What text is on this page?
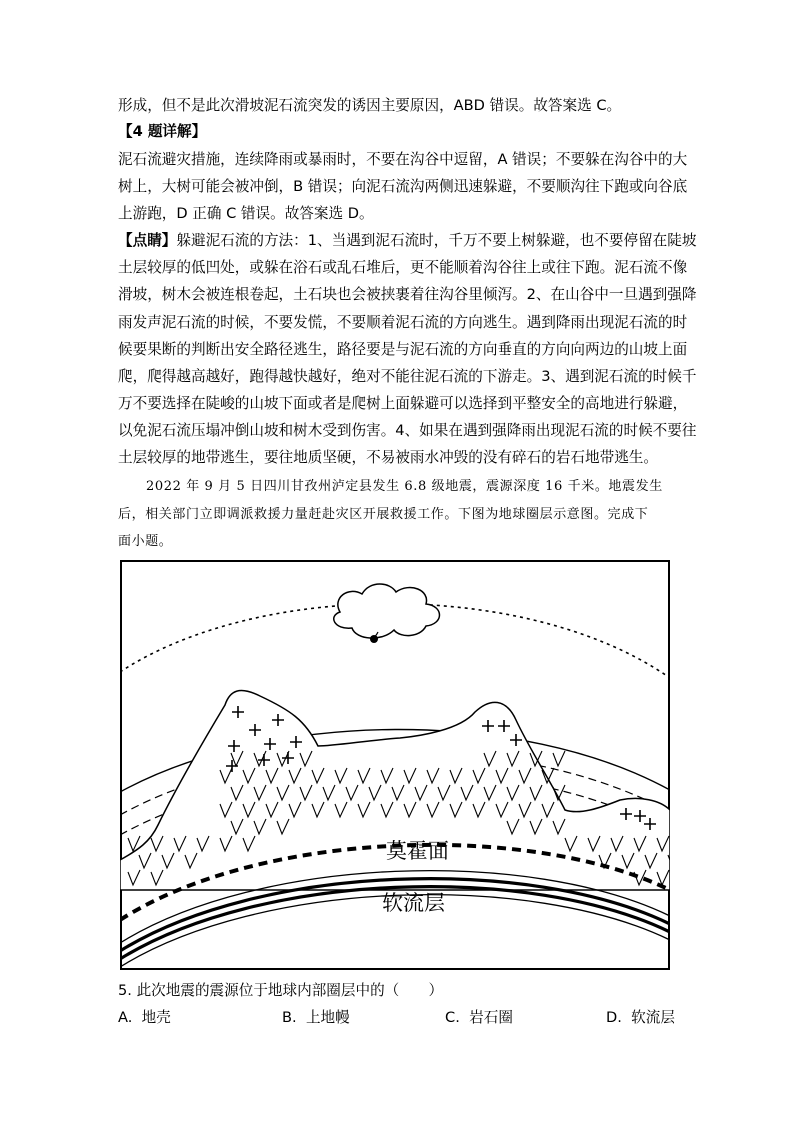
形成，但不是此次滑坡泥石流突发的诱因主要原因，ABD 错误。故答案选 C。
【4 题详解】
泥石流避灾措施，连续降雨或暴雨时，不要在沟谷中逗留，A 错误；不要躲在沟谷中的大
树上，大树可能会被冲倒，B 错误；向泥石流沟两侧迅速躲避，不要顺沟往下跑或向谷底
上游跑，D 正确 C 错误。故答案选 D。
【点睛】躲避泥石流的方法：1、当遇到泥石流时，千万不要上树躲避，也不要停留在陡坡
土层较厚的低凹处，或躲在浴石或乱石堆后，更不能顺着沟谷往上或往下跑。泥石流不像
滑坡，树木会被连根卷起，土石块也会被挟裹着往沟谷里倾泻。2、在山谷中一旦遇到强降
雨发声泥石流的时候，不要发慌，不要顺着泥石流的方向逃生。遇到降雨出现泥石流的时
候要果断的判断出安全路径逃生，路径要是与泥石流的方向垂直的方向向两边的山坡上面
爬，爬得越高越好，跑得越快越好，绝对不能往泥石流的下游走。3、遇到泥石流的时候千
万不要选择在陡峻的山坡下面或者是爬树上面躲避可以选择到平整安全的高地进行躲避，
以免泥石流压塌冲倒山坡和树木受到伤害。4、如果在遇到强降雨出现泥石流的时候不要往
土层较厚的地带逃生，要往地质坚硬，不易被雨水冲毁的没有碎石的岩石地带逃生。
2022 年 9 月 5 日四川甘孜州泸定县发生 6.8 级地震，震源深度 16 千米。地震发生
后，相关部门立即调派救援力量赶赴灾区开展救援工作。下图为地球圈层示意图。完成下
面小题。
莫霍面
软流层
5. 此次地震的震源位于地球内部圈层中的（　　）
A. 地壳	B. 上地幔	C. 岩石圈	D. 软流层
